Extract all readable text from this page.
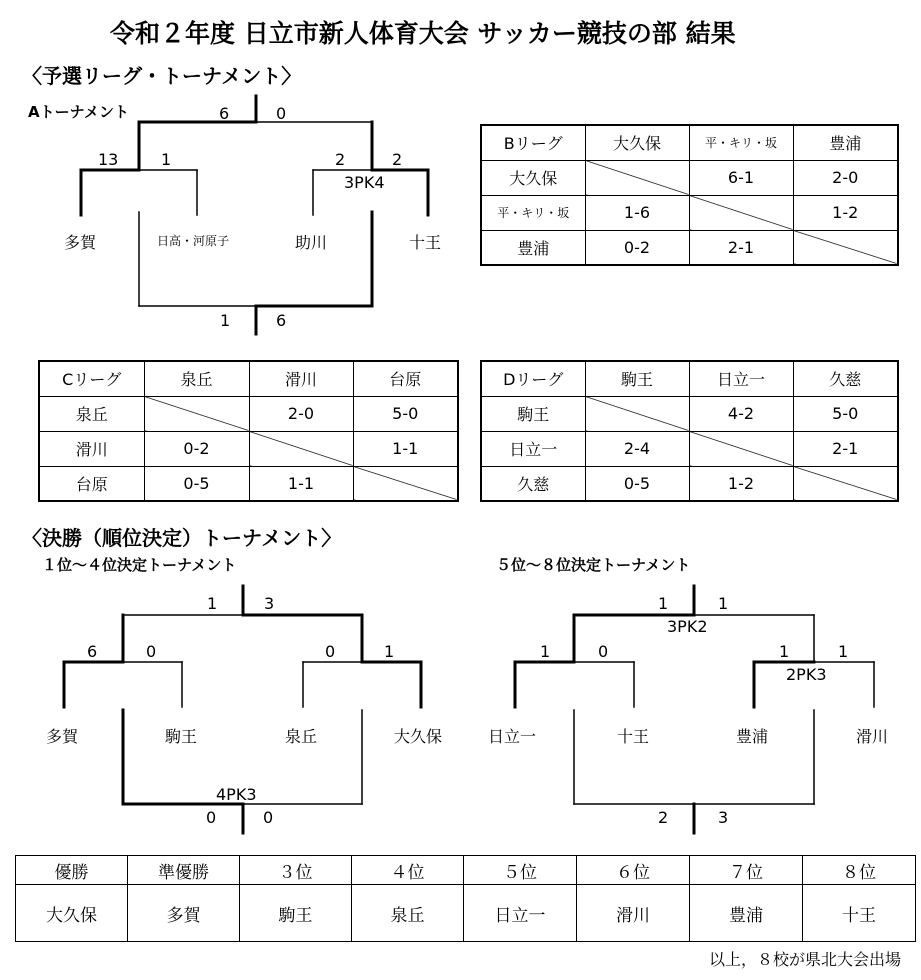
令和２年度 日立市新人体育大会 サッカー競技の部 結果
〈予選リーグ・トーナメント〉
Aトーナメント	6	0
13	1	2	2
3PK4
多賀	日高・河原子	助川	十王
1	6
Bリーグ	大久保	平・キリ・坂	豊浦
大久保		6-1	2-0
平・キリ・坂	1-6		1-2
豊浦	0-2	2-1	
Cリーグ	泉丘	滑川	台原
泉丘		2-0	5-0
滑川	0-2		1-1
台原	0-5	1-1	
Dリーグ	駒王	日立一	久慈
駒王		4-2	5-0
日立一	2-4		2-1
久慈	0-5	1-2	
〈決勝（順位決定）トーナメント〉
１位～４位決定トーナメント
1	3
6	0	0	1
多賀	駒王	泉丘	大久保
4PK3
0	0
５位～８位決定トーナメント
1	1
3PK2
1	0	1	1
2PK3
日立一	十王	豊浦	滑川
2	3
優勝	準優勝	３位	４位	５位	６位	７位	８位
大久保	多賀	駒王	泉丘	日立一	滑川	豊浦	十王
以上，８校が県北大会出場
